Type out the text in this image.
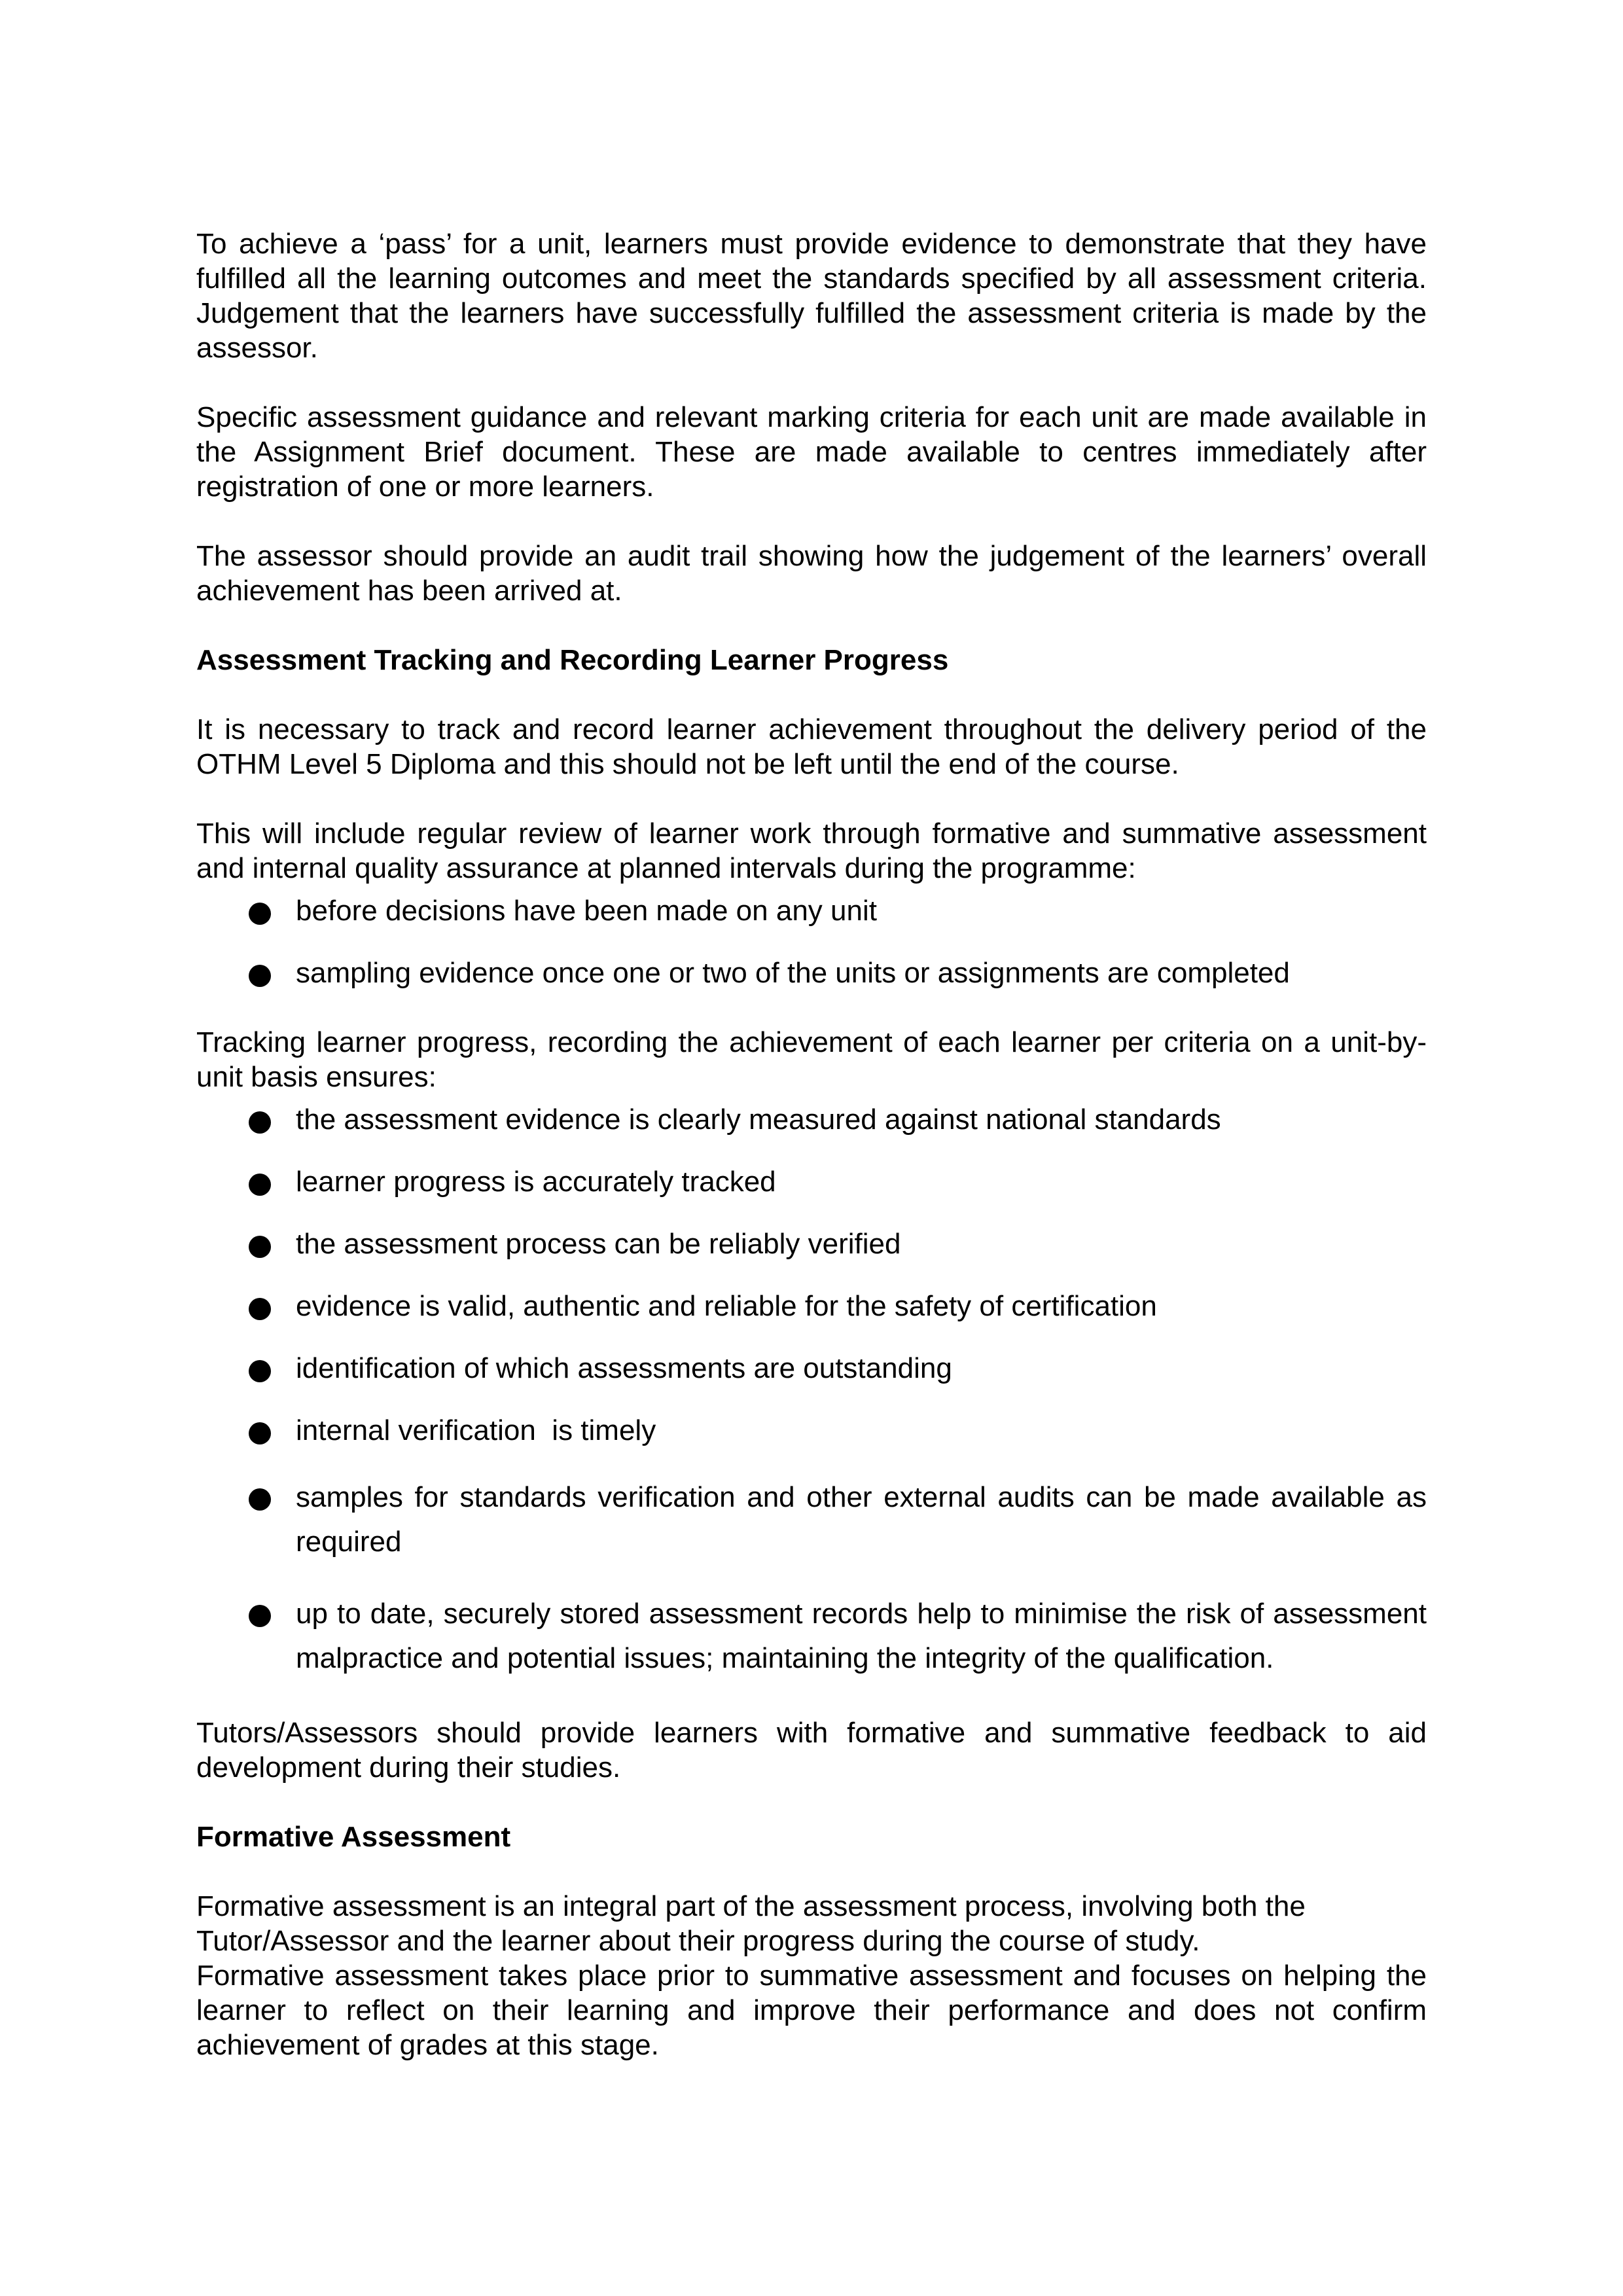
To achieve a ‘pass’ for a unit, learners must provide evidence to demonstrate that they have fulfilled all the learning outcomes and meet the standards specified by all assessment criteria. Judgement that the learners have successfully fulfilled the assessment criteria is made by the assessor.

Specific assessment guidance and relevant marking criteria for each unit are made available in the Assignment Brief document. These are made available to centres immediately after registration of one or more learners.

The assessor should provide an audit trail showing how the judgement of the learners’ overall achievement has been arrived at.

Assessment Tracking and Recording Learner Progress

It is necessary to track and record learner achievement throughout the delivery period of the OTHM Level 5 Diploma and this should not be left until the end of the course.

This will include regular review of learner work through formative and summative assessment and internal quality assurance at planned intervals during the programme:

before decisions have been made on any unit
sampling evidence once one or two of the units or assignments are completed

Tracking learner progress, recording the achievement of each learner per criteria on a unit-by-unit basis ensures:

the assessment evidence is clearly measured against national standards
learner progress is accurately tracked
the assessment process can be reliably verified
evidence is valid, authentic and reliable for the safety of certification
identification of which assessments are outstanding
internal verification  is timely
samples for standards verification and other external audits can be made available as required
up to date, securely stored assessment records help to minimise the risk of assessment malpractice and potential issues; maintaining the integrity of the qualification.

Tutors/Assessors should provide learners with formative and summative feedback to aid development during their studies.

Formative Assessment

Formative assessment is an integral part of the assessment process, involving both the Tutor/Assessor and the learner about their progress during the course of study.

Formative assessment takes place prior to summative assessment and focuses on helping the learner to reflect on their learning and improve their performance and does not confirm achievement of grades at this stage.
